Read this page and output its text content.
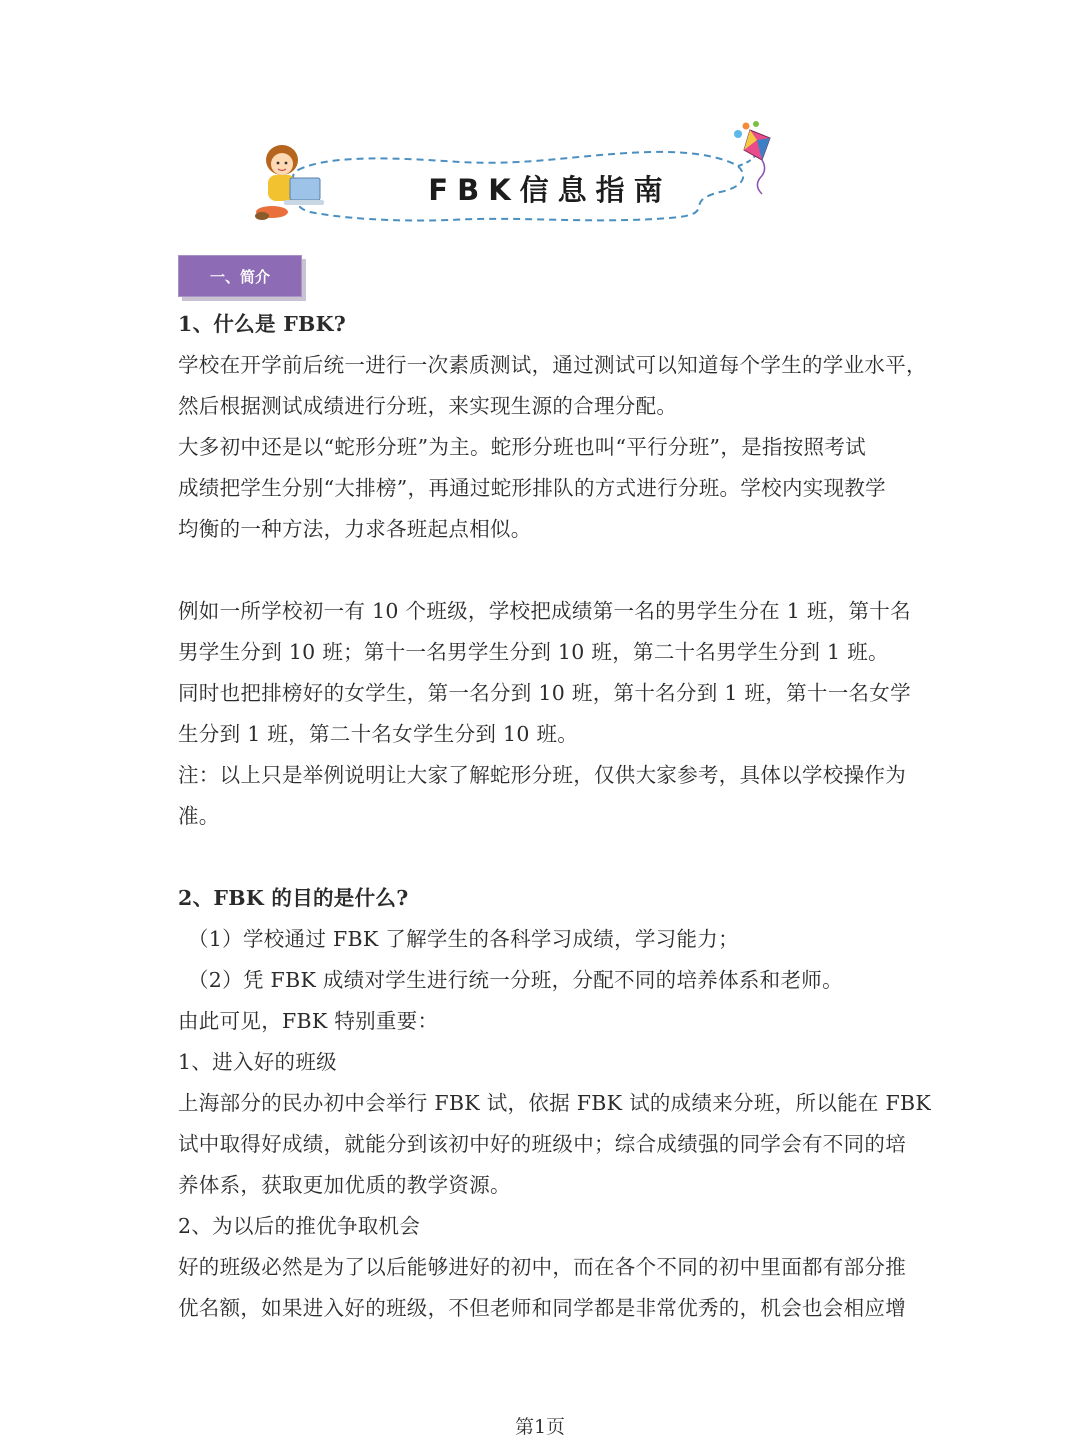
FBK信息指南
一、简介
1、什么是 FBK?
学校在开学前后统一进行一次素质测试，通过测试可以知道每个学生的学业水平，
然后根据测试成绩进行分班，来实现生源的合理分配。
大多初中还是以“蛇形分班”为主。蛇形分班也叫“平行分班”，是指按照考试
成绩把学生分别“大排榜”，再通过蛇形排队的方式进行分班。学校内实现教学
均衡的一种方法，力求各班起点相似。
例如一所学校初一有 10 个班级，学校把成绩第一名的男学生分在 1 班，第十名
男学生分到 10 班；第十一名男学生分到 10 班，第二十名男学生分到 1 班。
同时也把排榜好的女学生，第一名分到 10 班，第十名分到 1 班，第十一名女学
生分到 1 班，第二十名女学生分到 10 班。
注：以上只是举例说明让大家了解蛇形分班，仅供大家参考，具体以学校操作为
准。
2、FBK 的目的是什么?
（1）学校通过 FBK 了解学生的各科学习成绩，学习能力；
（2）凭 FBK 成绩对学生进行统一分班，分配不同的培养体系和老师。
由此可见，FBK 特别重要：
1、进入好的班级
上海部分的民办初中会举行 FBK 试，依据 FBK 试的成绩来分班，所以能在 FBK
试中取得好成绩，就能分到该初中好的班级中；综合成绩强的同学会有不同的培
养体系，获取更加优质的教学资源。
2、为以后的推优争取机会
好的班级必然是为了以后能够进好的初中，而在各个不同的初中里面都有部分推
优名额，如果进入好的班级，不但老师和同学都是非常优秀的，机会也会相应增
第1页
